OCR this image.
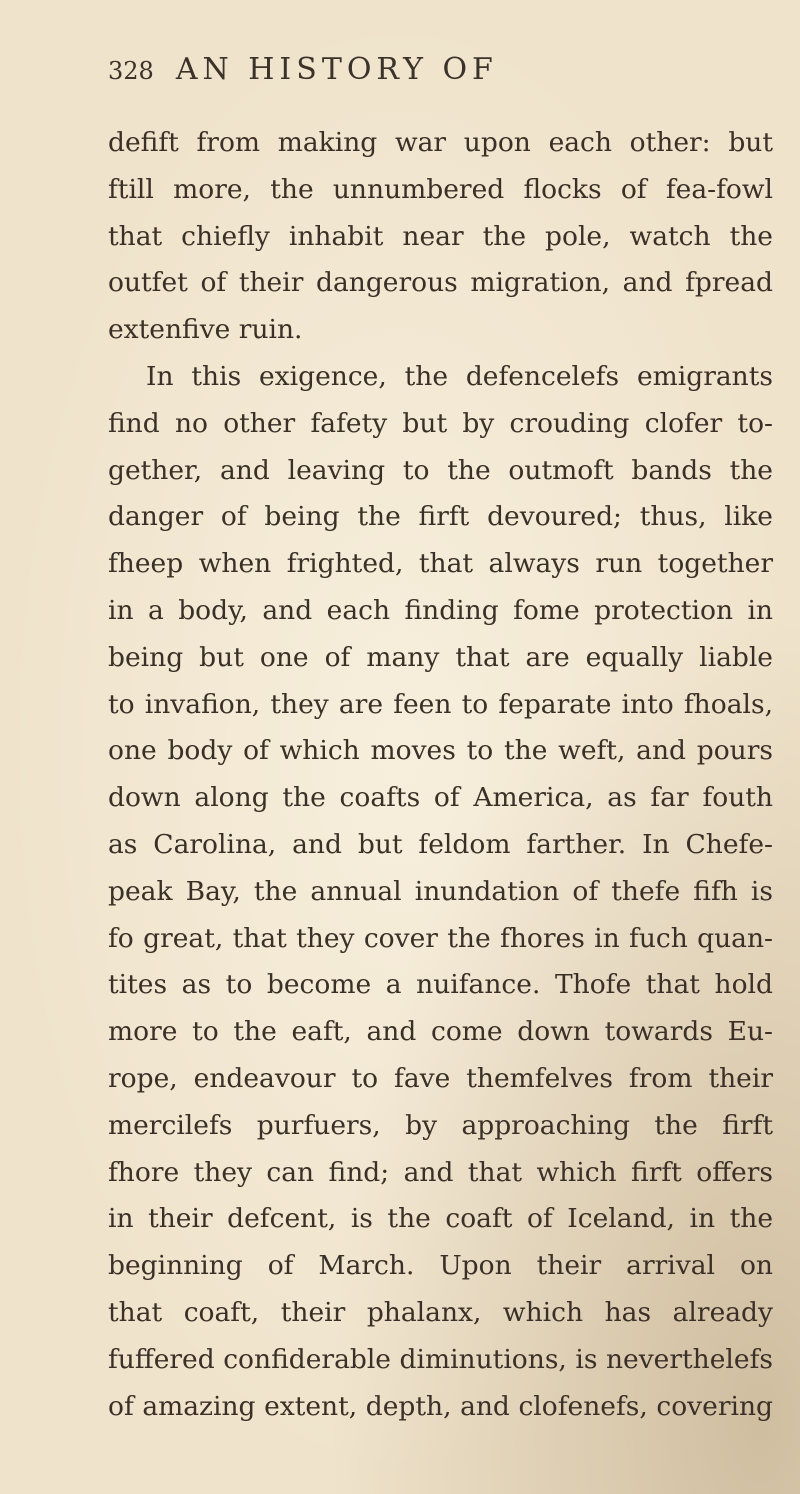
328 AN HISTORY OF
defift from making war upon each other: but
ftill more, the unnumbered flocks of fea-fowl
that chiefly inhabit near the pole, watch the
outfet of their dangerous migration, and fpread
extenfive ruin.
In this exigence, the defencelefs emigrants
find no other fafety but by crouding clofer to-
gether, and leaving to the outmoft bands the
danger of being the firft devoured; thus, like
fheep when frighted, that always run together
in a body, and each finding fome protection in
being but one of many that are equally liable
to invafion, they are feen to feparate into fhoals,
one body of which moves to the weft, and pours
down along the coafts of America, as far fouth
as Carolina, and but feldom farther. In Chefe-
peak Bay, the annual inundation of thefe fifh is
fo great, that they cover the fhores in fuch quan-
tites as to become a nuifance. Thofe that hold
more to the eaft, and come down towards Eu-
rope, endeavour to fave themfelves from their
mercilefs purfuers, by approaching the firft
fhore they can find; and that which firft offers
in their defcent, is the coaft of Iceland, in the
beginning of March. Upon their arrival on
that coaft, their phalanx, which has already
fuffered confiderable diminutions, is neverthelefs
of amazing extent, depth, and clofenefs, covering
